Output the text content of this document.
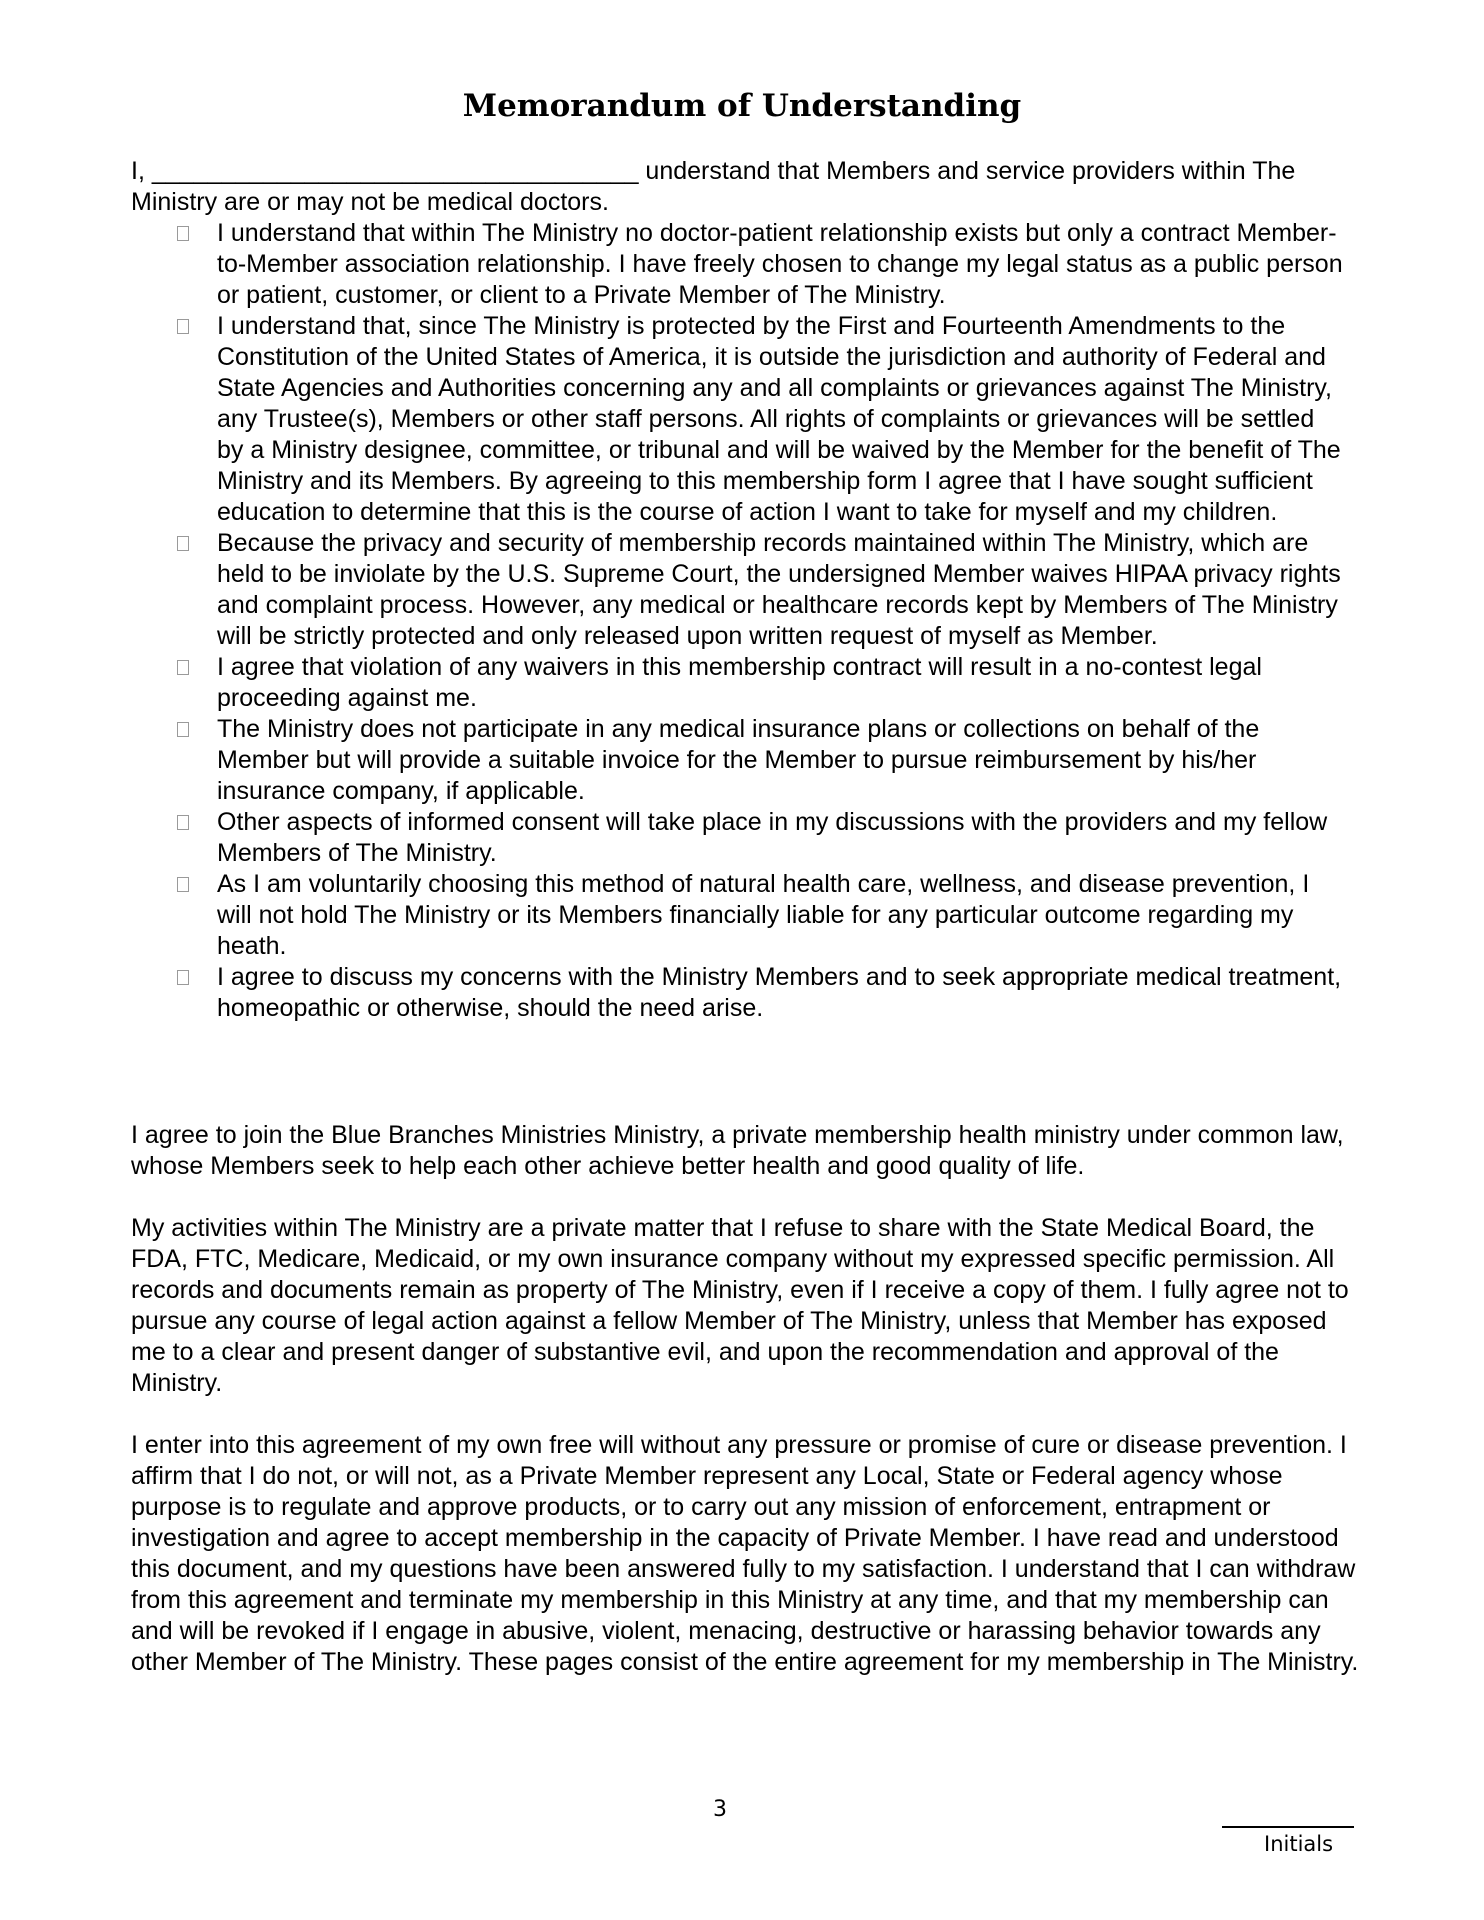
Memorandum of Understanding

I, ___________________________________ understand that Members and service providers within The Ministry are or may not be medical doctors.

I understand that within The Ministry no doctor-patient relationship exists but only a contract Member-to-Member association relationship. I have freely chosen to change my legal status as a public person or patient, customer, or client to a Private Member of The Ministry.
I understand that, since The Ministry is protected by the First and Fourteenth Amendments to the Constitution of the United States of America, it is outside the jurisdiction and authority of Federal and State Agencies and Authorities concerning any and all complaints or grievances against The Ministry, any Trustee(s), Members or other staff persons. All rights of complaints or grievances will be settled by a Ministry designee, committee, or tribunal and will be waived by the Member for the benefit of The Ministry and its Members. By agreeing to this membership form I agree that I have sought sufficient education to determine that this is the course of action I want to take for myself and my children.
Because the privacy and security of membership records maintained within The Ministry, which are held to be inviolate by the U.S. Supreme Court, the undersigned Member waives HIPAA privacy rights and complaint process. However, any medical or healthcare records kept by Members of The Ministry will be strictly protected and only released upon written request of myself as Member.
I agree that violation of any waivers in this membership contract will result in a no-contest legal proceeding against me.
The Ministry does not participate in any medical insurance plans or collections on behalf of the Member but will provide a suitable invoice for the Member to pursue reimbursement by his/her insurance company, if applicable.
Other aspects of informed consent will take place in my discussions with the providers and my fellow Members of The Ministry.
As I am voluntarily choosing this method of natural health care, wellness, and disease prevention, I will not hold The Ministry or its Members financially liable for any particular outcome regarding my heath.
I agree to discuss my concerns with the Ministry Members and to seek appropriate medical treatment, homeopathic or otherwise, should the need arise.

I agree to join the Blue Branches Ministries Ministry, a private membership health ministry under common law, whose Members seek to help each other achieve better health and good quality of life.

My activities within The Ministry are a private matter that I refuse to share with the State Medical Board, the FDA, FTC, Medicare, Medicaid, or my own insurance company without my expressed specific permission. All records and documents remain as property of The Ministry, even if I receive a copy of them. I fully agree not to pursue any course of legal action against a fellow Member of The Ministry, unless that Member has exposed me to a clear and present danger of substantive evil, and upon the recommendation and approval of the Ministry.

I enter into this agreement of my own free will without any pressure or promise of cure or disease prevention. I affirm that I do not, or will not, as a Private Member represent any Local, State or Federal agency whose purpose is to regulate and approve products, or to carry out any mission of enforcement, entrapment or investigation and agree to accept membership in the capacity of Private Member. I have read and understood this document, and my questions have been answered fully to my satisfaction. I understand that I can withdraw from this agreement and terminate my membership in this Ministry at any time, and that my membership can and will be revoked if I engage in abusive, violent, menacing, destructive or harassing behavior towards any other Member of The Ministry. These pages consist of the entire agreement for my membership in The Ministry.

3
Initials
